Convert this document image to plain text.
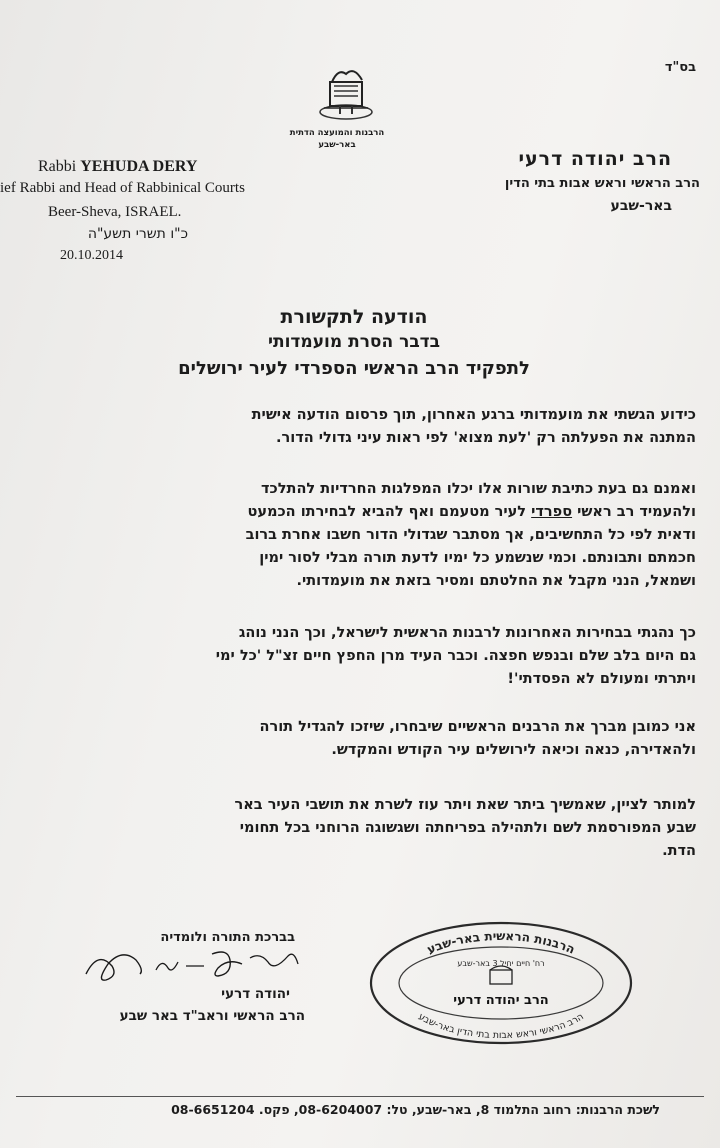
בס"ד
הרבנות והמועצה הדתית
באר-שבע
הרב יהודה דרעי
הרב הראשי וראש אבות בתי הדין
באר-שבע
Rabbi YEHUDA DERY
ief Rabbi and Head of Rabbinical Courts
Beer-Sheva, ISRAEL.
כ"ו תשרי תשע"ה
20.10.2014
הודעה לתקשורת
בדבר הסרת מועמדותי
לתפקיד הרב הראשי הספרדי לעיר ירושלים
כידוע הגשתי את מועמדותי ברגע האחרון, תוך פרסום הודעה אישית
המתנה את הפעלתה רק 'לעת מצוא' לפי ראות עיני גדולי הדור.
ואמנם גם בעת כתיבת שורות אלו יכלו המפלגות החרדיות להתלכד
ולהעמיד רב ראשי ספרדי לעיר מטעמם ואף להביא לבחירתו הכמעט
ודאית לפי כל התחשיבים, אך מסתבר שגדולי הדור חשבו אחרת ברוב
חכמתם ותבונתם. וכמי שנשמע כל ימיו לדעת תורה מבלי לסור ימין
ושמאל, הנני מקבל את החלטתם ומסיר בזאת את מועמדותי.
כך נהגתי בבחירות האחרונות לרבנות הראשית לישראל, וכך הנני נוהג
גם היום בלב שלם ובנפש חפצה. וכבר העיד מרן החפץ חיים זצ"ל 'כל ימי
ויתרתי ומעולם לא הפסדתי'!
אני כמובן מברך את הרבנים הראשיים שיבחרו, שיזכו להגדיל תורה
ולהאדירה, כנאה וכיאה לירושלים עיר הקודש והמקדש.
למותר לציין, שאמשיך ביתר שאת ויתר עוז לשרת את תושבי העיר באר
שבע המפורסמת לשם ולתהילה בפריחתה ושגשוגה הרוחני בכל תחומי
הדת.
בברכת התורה ולומדיה
יהודה דרעי
הרב הראשי וראב"ד באר שבע
הרבנות הראשית באר-שבע
הרב הראשי וראש אבות בתי הדין באר-שבע
רח' חיים יחיל 3 באר-שבע
הרב יהודה דרעי
לשכת הרבנות: רחוב התלמוד 8, באר-שבע, טל: 08-6204007, פקס. 08-6651204
